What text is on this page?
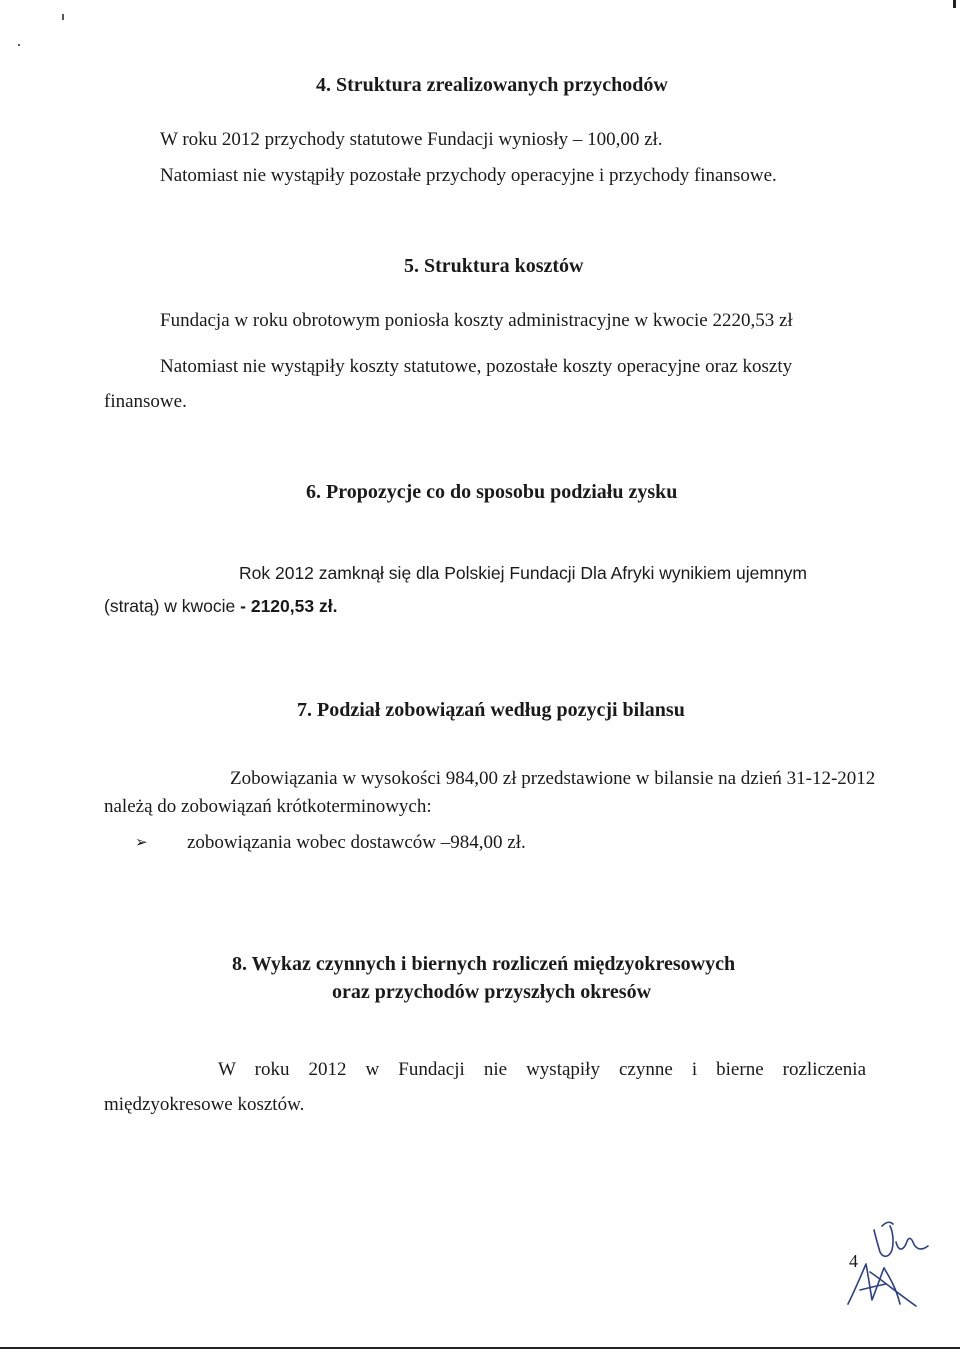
4. Struktura zrealizowanych przychodów
W roku 2012 przychody statutowe Fundacji wyniosły – 100,00 zł.
Natomiast nie wystąpiły pozostałe przychody operacyjne i przychody finansowe.
5. Struktura kosztów
Fundacja w roku obrotowym poniosła koszty administracyjne w kwocie 2220,53 zł
Natomiast nie wystąpiły koszty statutowe, pozostałe koszty operacyjne oraz koszty
finansowe.
6. Propozycje co do sposobu podziału zysku
Rok 2012 zamknął się dla Polskiej Fundacji Dla Afryki wynikiem ujemnym
(stratą) w kwocie - 2120,53 zł.
7. Podział zobowiązań według pozycji bilansu
Zobowiązania w wysokości 984,00 zł przedstawione w bilansie na dzień 31-12-2012
należą do zobowiązań krótkoterminowych:
➢ zobowiązania wobec dostawców –984,00 zł.
8. Wykaz czynnych i biernych rozliczeń międzyokresowych
oraz przychodów przyszłych okresów
W roku 2012 w Fundacji nie wystąpiły czynne i bierne rozliczenia
międzyokresowe kosztów.
4
